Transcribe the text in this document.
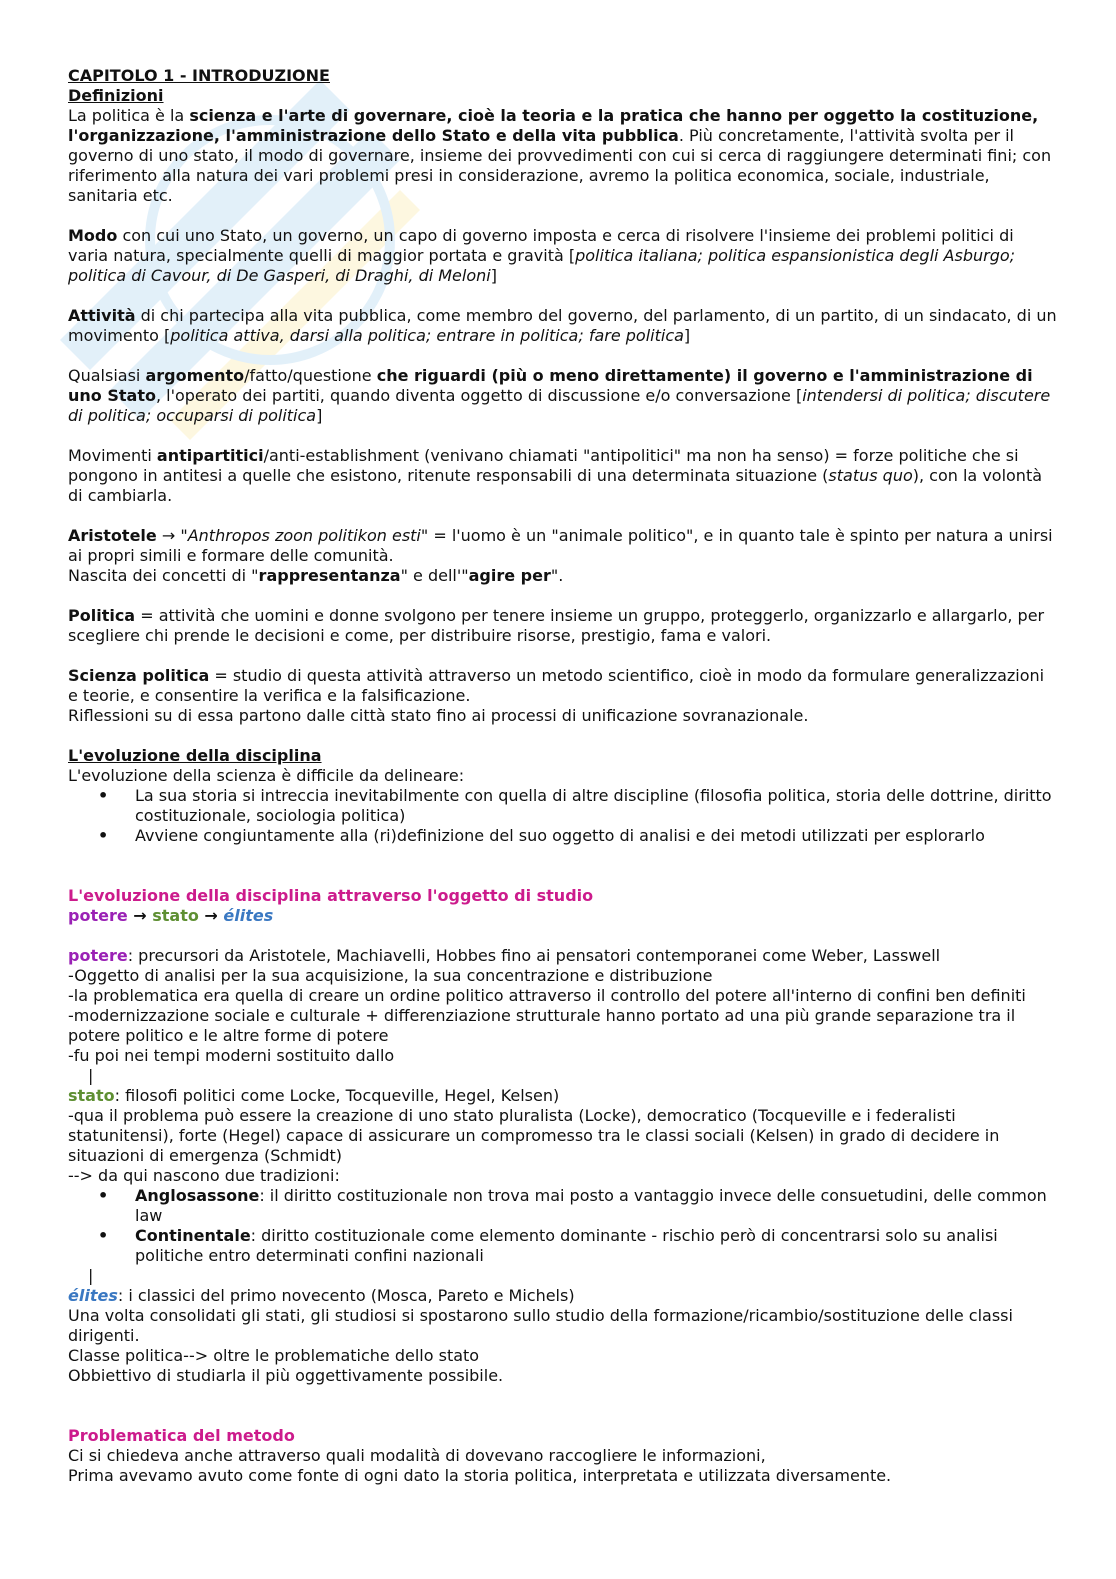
CAPITOLO 1 - INTRODUZIONE

Definizioni

La politica è la scienza e l'arte di governare, cioè la teoria e la pratica che hanno per oggetto la costituzione, l'organizzazione, l'amministrazione dello Stato e della vita pubblica. Più concretamente, l'attività svolta per il governo di uno stato, il modo di governare, insieme dei provvedimenti con cui si cerca di raggiungere determinati fini; con riferimento alla natura dei vari problemi presi in considerazione, avremo la politica economica, sociale, industriale, sanitaria etc.

Modo con cui uno Stato, un governo, un capo di governo imposta e cerca di risolvere l'insieme dei problemi politici di varia natura, specialmente quelli di maggior portata e gravità [politica italiana; politica espansionistica degli Asburgo; politica di Cavour, di De Gasperi, di Draghi, di Meloni]

Attività di chi partecipa alla vita pubblica, come membro del governo, del parlamento, di un partito, di un sindacato, di un movimento [politica attiva, darsi alla politica; entrare in politica; fare politica]

Qualsiasi argomento/fatto/questione che riguardi (più o meno direttamente) il governo e l'amministrazione di uno Stato, l'operato dei partiti, quando diventa oggetto di discussione e/o conversazione [intendersi di politica; discutere di politica; occuparsi di politica]

Movimenti antipartitici/anti-establishment (venivano chiamati "antipolitici" ma non ha senso) = forze politiche che si pongono in antitesi a quelle che esistono, ritenute responsabili di una determinata situazione (status quo), con la volontà di cambiarla.

Aristotele → "Anthropos zoon politikon esti" = l'uomo è un "animale politico", e in quanto tale è spinto per natura a unirsi ai propri simili e formare delle comunità.

Nascita dei concetti di "rappresentanza" e dell'"agire per".

Politica = attività che uomini e donne svolgono per tenere insieme un gruppo, proteggerlo, organizzarlo e allargarlo, per scegliere chi prende le decisioni e come, per distribuire risorse, prestigio, fama e valori.

Scienza politica = studio di questa attività attraverso un metodo scientifico, cioè in modo da formulare generalizzazioni e teorie, e consentire la verifica e la falsificazione.

Riflessioni su di essa partono dalle città stato fino ai processi di unificazione sovranazionale.

L'evoluzione della disciplina

L'evoluzione della scienza è difficile da delineare:

• La sua storia si intreccia inevitabilmente con quella di altre discipline (filosofia politica, storia delle dottrine, diritto costituzionale, sociologia politica)
• Avviene congiuntamente alla (ri)definizione del suo oggetto di analisi e dei metodi utilizzati per esplorarlo

L'evoluzione della disciplina attraverso l'oggetto di studio

potere → stato → élites

potere: precursori da Aristotele, Machiavelli, Hobbes fino ai pensatori contemporanei come Weber, Lasswell

-Oggetto di analisi per la sua acquisizione, la sua concentrazione e distribuzione

-la problematica era quella di creare un ordine politico attraverso il controllo del potere all'interno di confini ben definiti

-modernizzazione sociale e culturale + differenziazione strutturale hanno portato ad una più grande separazione tra il potere politico e le altre forme di potere

-fu poi nei tempi moderni sostituito dallo

|

stato: filosofi politici come Locke, Tocqueville, Hegel, Kelsen)

-qua il problema può essere la creazione di uno stato pluralista (Locke), democratico (Tocqueville e i federalisti statunitensi), forte (Hegel) capace di assicurare un compromesso tra le classi sociali (Kelsen) in grado di decidere in situazioni di emergenza (Schmidt)

--> da qui nascono due tradizioni:

• Anglosassone: il diritto costituzionale non trova mai posto a vantaggio invece delle consuetudini, delle common law
• Continentale: diritto costituzionale come elemento dominante - rischio però di concentrarsi solo su analisi politiche entro determinati confini nazionali

|

élites: i classici del primo novecento (Mosca, Pareto e Michels)

Una volta consolidati gli stati, gli studiosi si spostarono sullo studio della formazione/ricambio/sostituzione delle classi dirigenti.

Classe politica--> oltre le problematiche dello stato

Obbiettivo di studiarla il più oggettivamente possibile.

Problematica del metodo

Ci si chiedeva anche attraverso quali modalità di dovevano raccogliere le informazioni,

Prima avevamo avuto come fonte di ogni dato la storia politica, interpretata e utilizzata diversamente.
